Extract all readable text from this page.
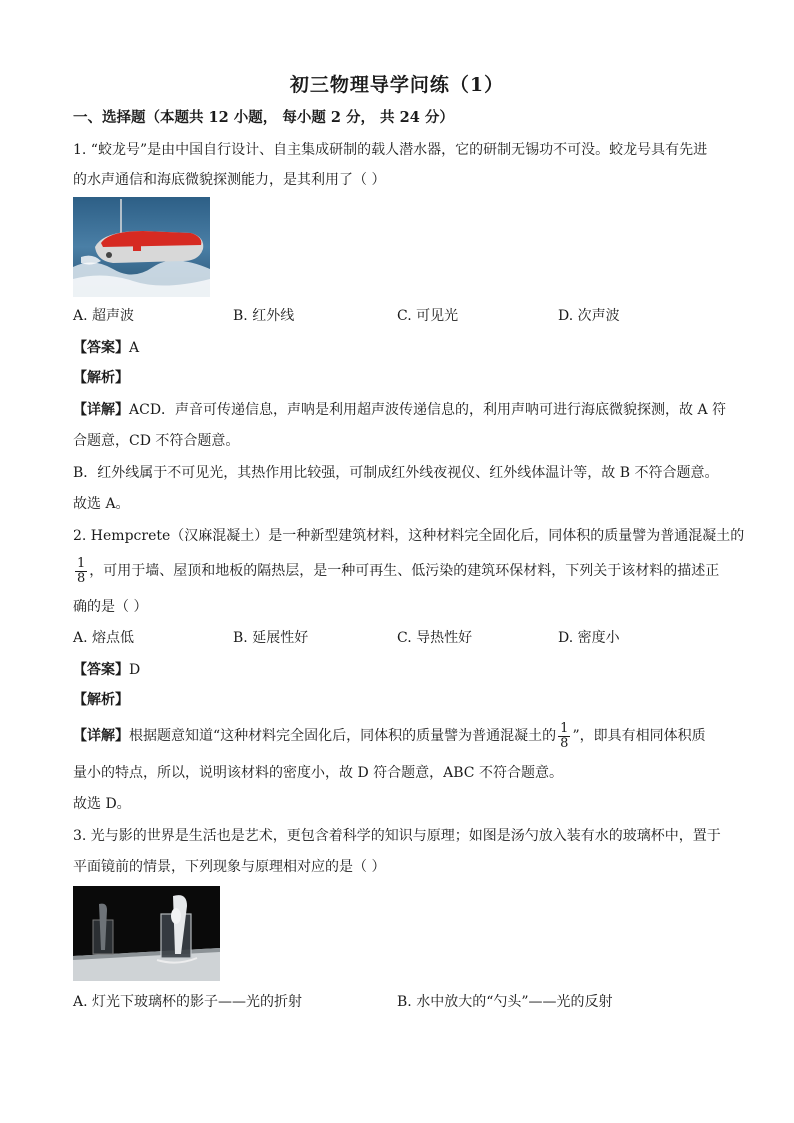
初三物理导学问练（1）
一、选择题（本题共 12 小题， 每小题 2 分， 共 24 分）
1. “蛟龙号”是由中国自行设计、自主集成研制的载人潜水器，它的研制无锡功不可没。蛟龙号具有先进
的水声通信和海底微貌探测能力，是其利用了（ ）
A. 超声波	B. 红外线	C. 可见光	D. 次声波
【答案】A
【解析】
【详解】ACD．声音可传递信息，声呐是利用超声波传递信息的，利用声呐可进行海底微貌探测，故 A 符
合题意，CD 不符合题意。
B．红外线属于不可见光，其热作用比较强，可制成红外线夜视仪、红外线体温计等，故 B 不符合题意。
故选 A。
2. Hempcrete（汉麻混凝土）是一种新型建筑材料，这种材料完全固化后，同体积的质量譬为普通混凝土的
$\frac{1}{8}$ ，可用于墙、屋顶和地板的隔热层，是一种可再生、低污染的建筑环保材料，下列关于该材料的描述正
确的是（ ）
A. 熔点低	B. 延展性好	C. 导热性好	D. 密度小
【答案】D
【解析】
【详解】根据题意知道“这种材料完全固化后，同体积的质量譬为普通混凝土的 $\frac{1}{8}$ ”，即具有相同体积质
量小的特点，所以，说明该材料的密度小，故 D 符合题意，ABC 不符合题意。
故选 D。
3. 光与影的世界是生活也是艺术，更包含着科学的知识与原理；如图是汤勺放入装有水的玻璃杯中，置于
平面镜前的情景，下列现象与原理相对应的是（ ）
A. 灯光下玻璃杯的影子——光的折射	B. 水中放大的“勺头”——光的反射
